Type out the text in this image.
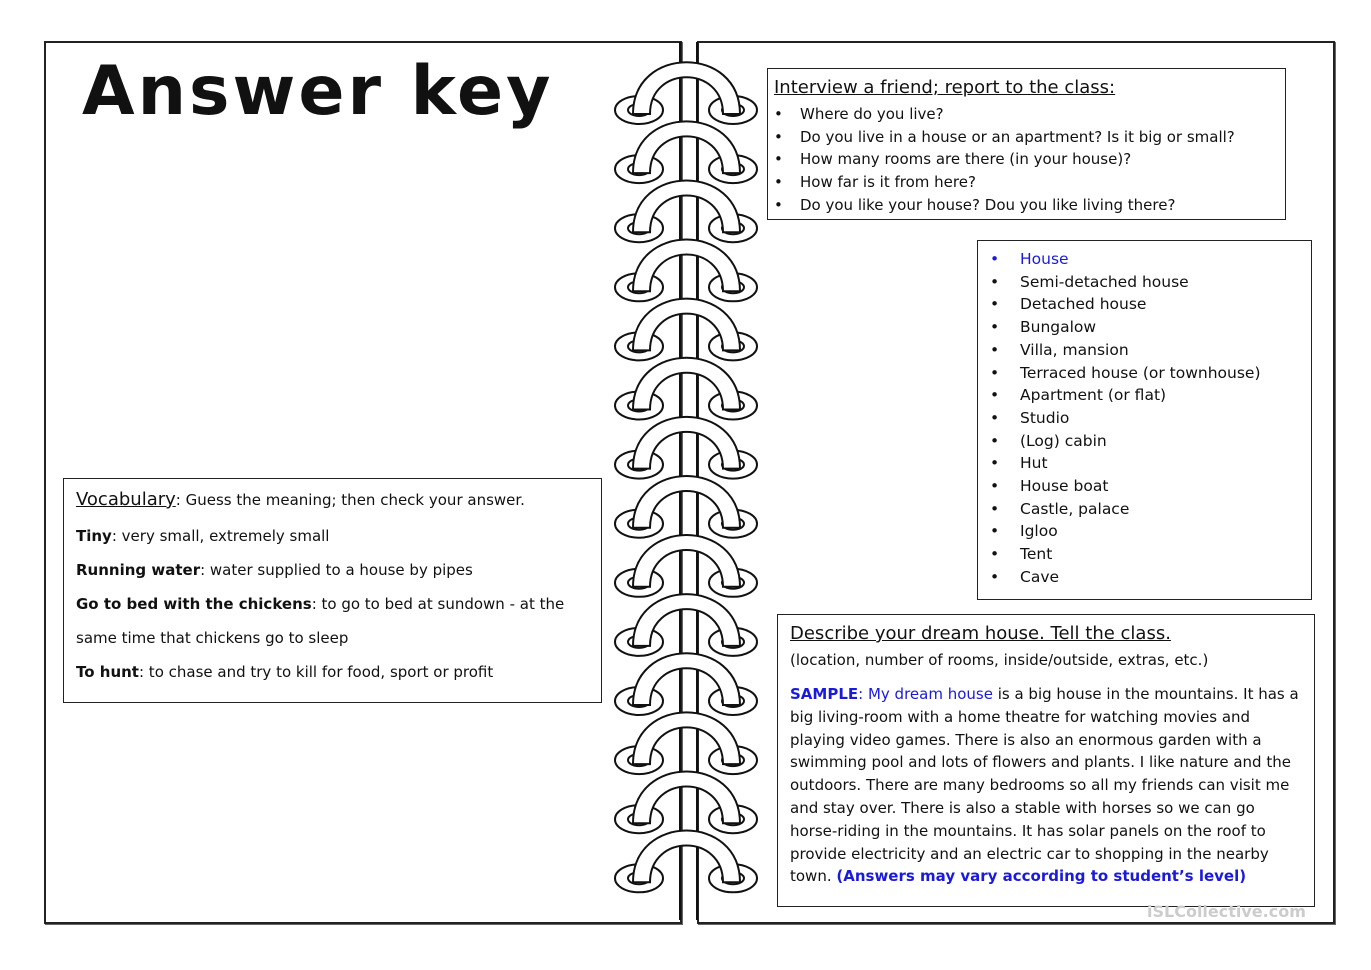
Answer key	Interview a friend; report to the class:
• Where do you live?
• Do you live in a house or an apartment? Is it big or small?
• How many rooms are there (in your house)?
• How far is it from here?
• Do you like your house? Dou you like living there?
• House
• Semi-detached house
• Detached house
• Bungalow
• Villa, mansion
• Terraced house (or townhouse)
• Apartment (or flat)
• Studio
• (Log) cabin
• Hut
• House boat
• Castle, palace
• Igloo
• Tent
• Cave
Vocabulary: Guess the meaning; then check your answer.

Tiny: very small, extremely small

Running water: water supplied to a house by pipes

Go to bed with the chickens: to go to bed at sundown - at the

same time that chickens go to sleep

To hunt: to chase and try to kill for food, sport or profit

Describe your dream house. Tell the class.
(location, number of rooms, inside/outside, extras, etc.)
SAMPLE: My dream house is a big house in the mountains. It has a big living-room with a home theatre for watching movies and playing video games. There is also an enormous garden with a swimming pool and lots of flowers and plants. I like nature and the outdoors. There are many bedrooms so all my friends can visit me and stay over. There is also a stable with horses so we can go horse-riding in the mountains. It has solar panels on the roof to provide electricity and an electric car to shopping in the nearby town. (Answers may vary according to student’s level)
iSLCollective.com
